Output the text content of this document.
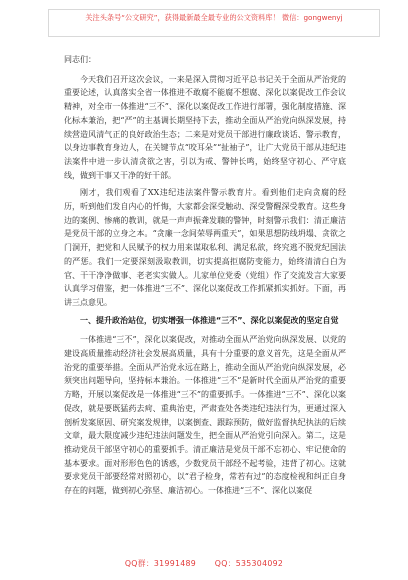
关注头条号“公文研究”，获得最新最全最专业的公文资料库！ 微信：gongwenyj
同志们：
今天我们召开这次会议，一来是深入贯彻习近平总书记关于全面从严治党的重要论述，认真落实全省一体推进不敢腐不能腐不想腐、深化以案促改工作会议精神，对全市一体推进“三不”、深化以案促改工作进行部署，强化制度措施、深化标本兼治，把“严”的主基调长期坚持下去，推动全面从严治党向纵深发展，持续营造风清气正的良好政治生态；二来是对党员干部进行廉政谈话、警示教育，以身边事教育身边人，在关键节点“咬耳朵”“扯袖子”，让广大党员干部从违纪违法案件中进一步认清贪欲之害，引以为戒、警钟长鸣，始终坚守初心、严守底线，做到干事又干净的好干部。
刚才，我们观看了XX违纪违法案件警示教育片。看到他们走向贪腐的经历，听到他们发自内心的忏悔，大家都会深受触动、深受警醒深受教育。这些身边的案例、惨痛的教训，就是一声声振聋发聩的警钟，时刻警示我们：清正廉洁是党员干部的立身之本。“贪廉一念间荣辱两重天”，如果思想防线坍塌、贪欲之门洞开，把党和人民赋予的权力用来谋取私利、满足私欲，终究逃不脱党纪国法的严惩。我们一定要深刻汲取教训，切实提高拒腐防变能力，始终清清白白为官、干干净净做事、老老实实做人。儿家单位党委（党组）作了交流发言大家要认真学习借鉴，把一体推进“三不”、深化以案促改工作抓紧抓实抓好。下面，再讲三点意见。
一、提升政治站位，切实增强一体推进“三不”、深化以案促改的坚定自觉
一体推进“三不”，深化以案促改，对推动全面从严治党向纵深发展、以党的建设高质量推动经济社会发展高质量，具有十分重要的意义首先，这是全面从严治党的重要举措。全面从严治党永远在路上，推动全面从严治党向纵深发展，必须突出问题导向，坚持标本兼治。一体推进“三不”是新时代全面从严治党的重要方略，开展以案促改是一体推进“三不”的重要抓手。一体推进“三不”、深化以案促改，就是要既猛药去疴、重典治吏，严肃查处各类违纪违法行为，更通过深入剖析发案原因、研究案发规律，以案倒查、跟踪预防，做好监督执纪执法的后续文章，最大限度减少违纪违法问题发生，把全面从严治党引向深入。第二，这是推动党员干部坚守初心的重要抓手。清正廉洁是党员干部不忘初心、牢记使命的基本要求。面对形形色色的诱惑，少数党员干部经不起考验，违背了初心。这就要求党员干部要经常对照初心，以“君子检身，常若有过”的态度检视和纠正自身存在的问题，做到初心弥坚、廉洁初心。一体推进“三不”、深化以案促
QQ群：31991489 QQ：535304092
